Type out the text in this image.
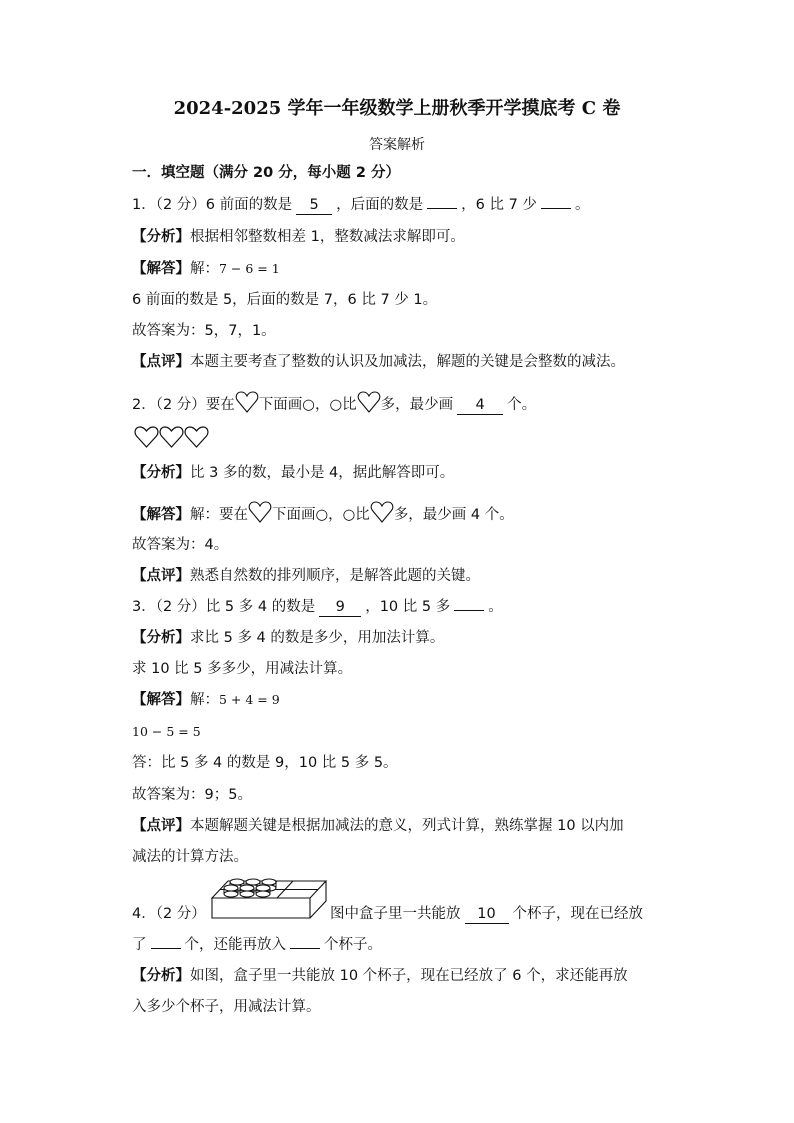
2024-2025 学年一年级数学上册秋季开学摸底考 C 卷
答案解析
一．填空题（满分 20 分，每小题 2 分）
1．（2 分）6 前面的数是 5 ，后面的数是	，6 比 7 少	。
【分析】根据相邻整数相差 1，整数减法求解即可。
【解答】解：7 − 6 = 1
6 前面的数是 5，后面的数是 7，6 比 7 少 1。
故答案为：5，7，1。
【点评】本题主要考查了整数的认识及加减法，解题的关键是会整数的减法。
2．（2 分）要在 下面画○，○比 多，最少画 4 个。
【分析】比 3 多的数，最小是 4，据此解答即可。
【解答】解：要在 下面画○，○比 多，最少画 4 个。
故答案为：4。
【点评】熟悉自然数的排列顺序，是解答此题的关键。
3．（2 分）比 5 多 4 的数是 9 ，10 比 5 多	。
【分析】求比 5 多 4 的数是多少，用加法计算。
求 10 比 5 多多少，用减法计算。
【解答】解：5 + 4 = 9
10 − 5 = 5
答：比 5 多 4 的数是 9，10 比 5 多 5。
故答案为：9；5。
【点评】本题解题关键是根据加减法的意义，列式计算，熟练掌握 10 以内加
减法的计算方法。
4．（2 分）	图中盒子里一共能放 10 个杯子，现在已经放
了	个，还能再放入	个杯子。
【分析】如图，盒子里一共能放 10 个杯子，现在已经放了 6 个，求还能再放
入多少个杯子，用减法计算。
